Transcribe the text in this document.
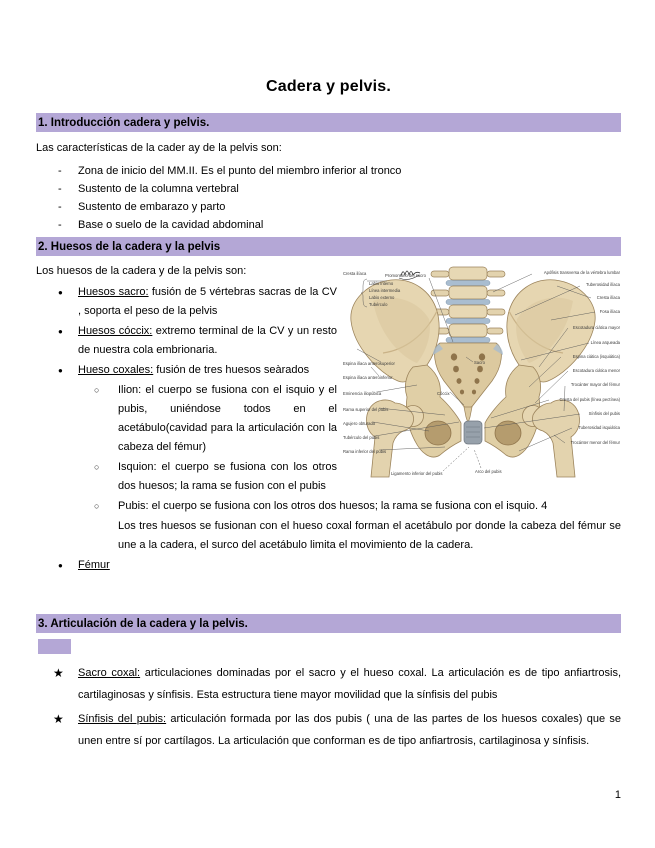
Cadera y pelvis.
1. Introducción cadera y pelvis.

Las características de la cader ay de la pelvis son:

- Zona de inicio del MM.II. Es el punto del miembro inferior al tronco
- Sustento de la columna vertebral
- Sustento de embarazo y parto
- Base o suelo de la cavidad abdominal
2. Huesos de la cadera y la pelvis
Cresta ilíaca
Labio interno
Línea intermedia
Labio externo
Tubérculo
Promontorio del sacro
Espina ilíaca anterosuperior
Espina ilíaca anteroinferior
Eminencia iliopúbica
Rama superior del pubis
Agujero obturado
Tubérculo del pubis
Rama inferior del pubis
Ligamento inferior del pubis	Arco del pubis
Sacro
Cóccix
Apófisis transversa de la vértebra lumbar
Tuberosidad ilíaca
Cresta ilíaca
Fosa ilíaca
Escotadura ciática mayor
Línea arqueada
Espina ciática (isquiática)
Escotadura ciática menor
Trocánter mayor del fémur
Cresta del pubis (línea pectínea)
Sínfisis del pubis
Tuberosidad isquiática
Trocánter menor del fémur

Los huesos de la cadera y de la pelvis son:

● Huesos sacro: fusión de 5 vértebras sacras de la CV , soporta el peso de la pelvis
● Huesos cóccix: extremo terminal de la CV y un resto de nuestra cola embrionaria.
● Hueso coxales: fusión de tres huesos seàrados
○ Ilion: el cuerpo se fusiona con el isquio y el pubis, uniéndose todos en el acetábulo(cavidad para la articulación con la cabeza del fémur)
○ Isquion: el cuerpo se fusiona con los otros dos huesos; la rama se fusion con el pubis
○ Pubis: el cuerpo se fusiona con los otros dos huesos; la rama se fusiona con el isquio. 4
Los tres huesos se fusionan con el hueso coxal forman el acetábulo por donde la cabeza del fémur se une a la cadera, el surco del acetábulo limita el movimiento de la cadera.
● Fémur
3. Articulación de la cadera y la pelvis.
★ Sacro coxal: articulaciones dominadas por el sacro y el hueso coxal. La articulación es de tipo anfiartrosis, cartilaginosas y sínfisis. Esta estructura tiene mayor movilidad que la sínfisis del pubis
★ Sínfisis del pubis: articulación formada por las dos pubis ( una de las partes de los huesos coxales) que se unen entre sí por cartílagos. La articulación que conforman es de tipo anfiartrosis, cartilaginosa y sínfisis.
1
